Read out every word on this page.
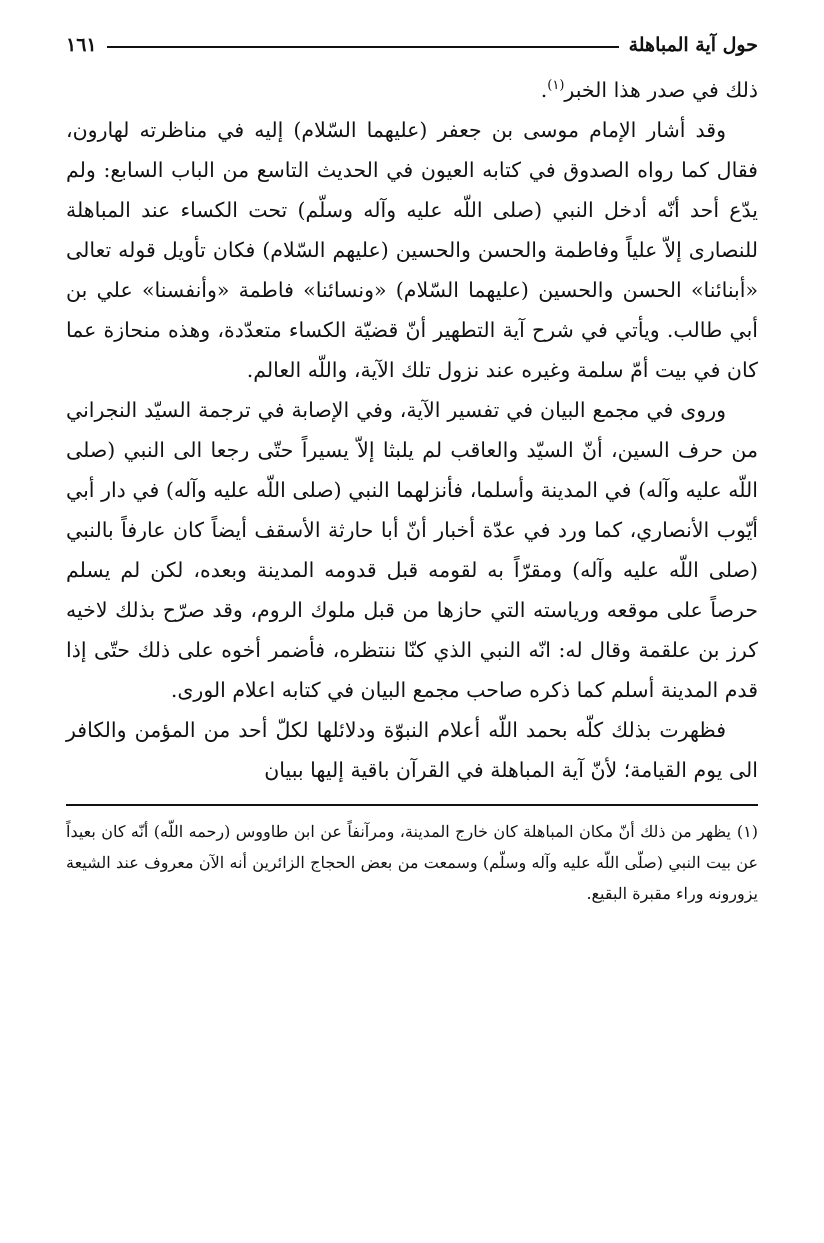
حول آية المباهلة
١٦١

ذلك في صدر هذا الخبر$^{(١)}$.

وقد أشار الإمام موسى بن جعفر (عليهما السّلام) إليه في مناظرته لهارون، فقال كما رواه الصدوق في كتابه العيون في الحديث التاسع من الباب السابع: ولم يدّع أحد أنّه أدخل النبي (صلى اللّه عليه وآله وسلّم) تحت الكساء عند المباهلة للنصارى إلاّ علياً وفاطمة والحسن والحسين (عليهم السّلام) فكان تأويل قوله تعالى «أبنائنا» الحسن والحسين (عليهما السّلام) «ونسائنا» فاطمة «وأنفسنا» علي بن أبي طالب. ويأتي في شرح آية التطهير أنّ قضيّة الكساء متعدّدة، وهذه منحازة عما كان في بيت أمّ سلمة وغيره عند نزول تلك الآية، واللّه العالم.

وروى في مجمع البيان في تفسير الآية، وفي الإصابة في ترجمة السيّد النجراني من حرف السين، أنّ السيّد والعاقب لم يلبثا إلاّ يسيراً حتّى رجعا الى النبي (صلى اللّه عليه وآله) في المدينة وأسلما، فأنزلهما النبي (صلى اللّه عليه وآله) في دار أبي أيّوب الأنصاري، كما ورد في عدّة أخبار أنّ أبا حارثة الأسقف أيضاً كان عارفاً بالنبي (صلى اللّه عليه وآله) ومقرّاً به لقومه قبل قدومه المدينة وبعده، لكن لم يسلم حرصاً على موقعه ورياسته التي حازها من قبل ملوك الروم، وقد صرّح بذلك لاخيه كرز بن علقمة وقال له: انّه النبي الذي كنّا ننتظره، فأضمر أخوه على ذلك حتّى إذا قدم المدينة أسلم كما ذكره صاحب مجمع البيان في كتابه اعلام الورى.

فظهرت بذلك كلّه بحمد اللّه أعلام النبوّة ودلائلها لكلّ أحد من المؤمن والكافر الى يوم القيامة؛ لأنّ آية المباهلة في القرآن باقية إليها ببيان

(١)يظهر من ذلك أنّ مكان المباهلة كان خارج المدينة، ومرآنفاً عن ابن طاووس (رحمه اللّه) أنّه كان بعيداً عن بيت النبي (صلّى اللّه عليه وآله وسلّم) وسمعت من بعض الحجاج الزائرين أنه الآن معروف عند الشيعة يزورونه وراء مقبرة البقيع.
